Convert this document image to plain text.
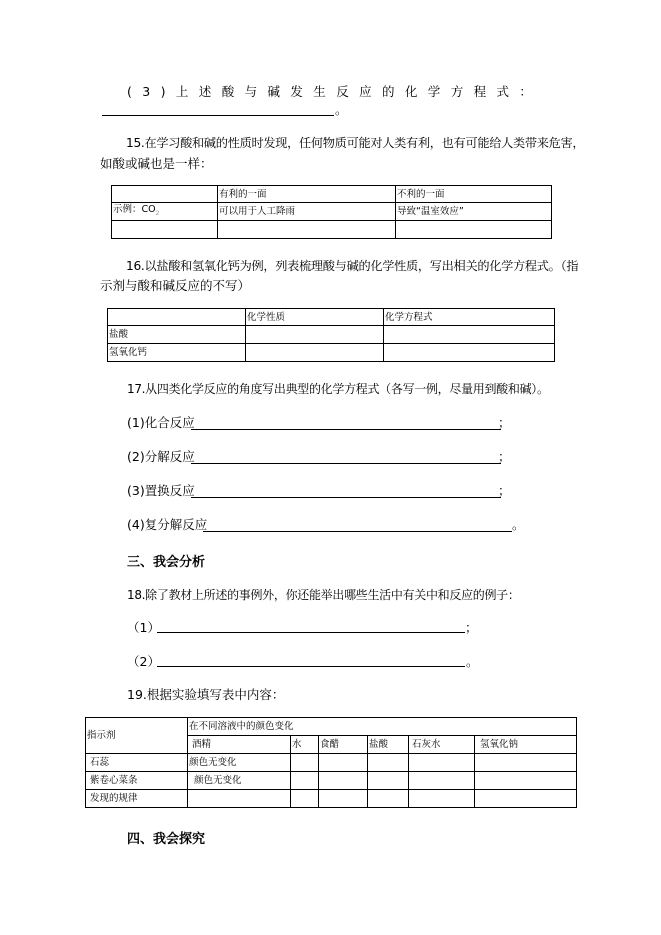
(3)上述酸与碱发生反应的化学方程式：
。
15.在学习酸和碱的性质时发现，任何物质可能对人类有利，也有可能给人类带来危害，
如酸或碱也是一样：
	有利的一面	不利的一面
示例：$CO_2$	可以用于人工降雨	导致“温室效应”

16.以盐酸和氢氧化钙为例，列表梳理酸与碱的化学性质，写出相关的化学方程式。（指
示剂与酸和碱反应的不写）
	化学性质	化学方程式
盐酸		
氢氧化钙		
17.从四类化学反应的角度写出典型的化学方程式（各写一例，尽量用到酸和碱）。
(1)化合反应	；
(2)分解反应	；
(3)置换反应	；
(4)复分解反应	。
三、我会分析
18.除了教材上所述的事例外，你还能举出哪些生活中有关中和反应的例子：
（1）	；
（2）	。
19.根据实验填写表中内容：
指示剂	在不同溶液中的颜色变化					
	酒精	水	食醋	盐酸	石灰水	氢氧化钠
石蕊	颜色无变化					
紫卷心菜条	颜色无变化					
发现的规律						
四、我会探究
